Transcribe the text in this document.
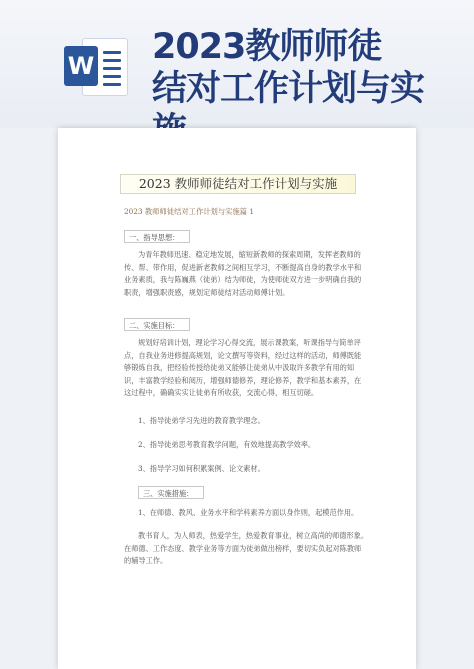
W 2023教师师徒
结对工作计划与实
2023 教师师徒结对工作计划与实施
2023 教师师徒结对工作计划与实施篇 1
一、指导思想：
为青年教师迅速、稳定地发展，缩短新教师的探索周期，发挥老教师的传、帮、带作用，促进新老教师之间相互学习，不断提高自身的教学水平和业务素质，我与陈巍燕（徒弟）结为师徒，为使师徒双方进一步明确自我的职责，增强职责感，规划定师徒结对活动师傅计划。
二、实施目标：
规划好培训计划，理论学习心得交流，展示课教案，听课指导与简单评点，自我业务进修提高规划，论文撰写等资料，经过这样的活动，师傅既能够锻炼自我，把经验传授给徒弟又能够让徒弟从中汲取许多教学有用的知识，丰富教学经验和阅历，增强师德修养，理论修养，教学和基本素养，在这过程中，确确实实让徒弟有所收获，交流心得，相互切磋。
1、指导徒弟学习先进的教育教学理念。
2、指导徒弟思考教育教学问题，有效地提高教学效率。
3、指导学习如何积累案例、论文素材。
三、实施措施：
1、在师德、教风、业务水平和学科素养方面以身作则，起模范作用。
教书育人，为人师表，热爱学生，热爱教育事业，树立高尚的师德形象。在师德、工作态度、教学业务等方面为徒弟做出榜样，要切实负起对陈教师的辅导工作。
